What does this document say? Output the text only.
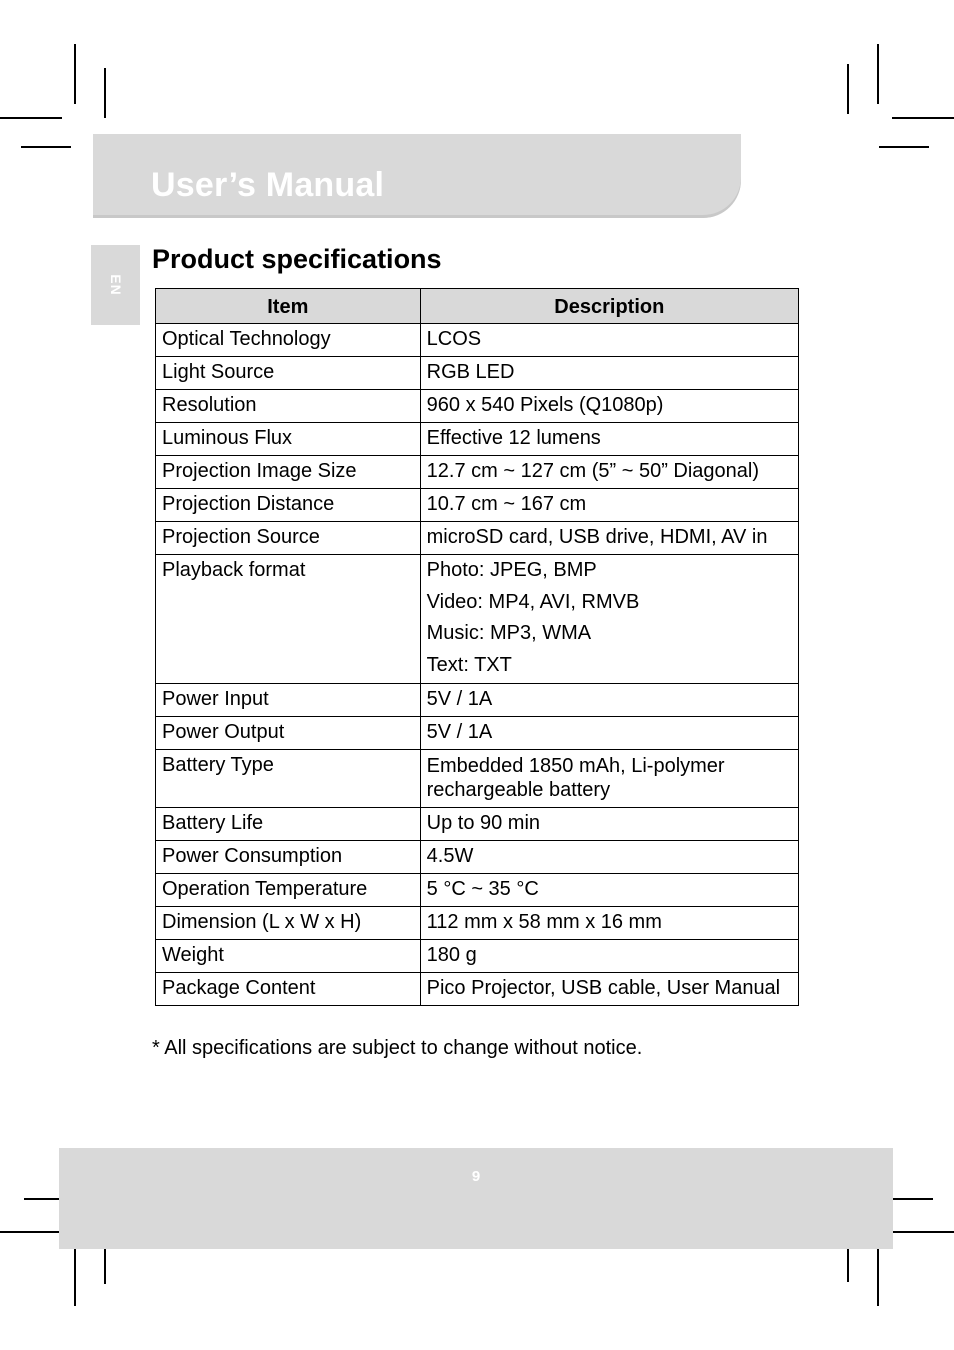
User’s Manual
EN
Product specifications
Item	Description
Optical Technology	LCOS

Light Source	RGB LED

Resolution	960 x 540 Pixels (Q1080p)

Luminous Flux	Effective 12 lumens

Projection Image Size	12.7 cm ~ 127 cm (5” ~ 50” Diagonal)

Projection Distance	10.7 cm ~ 167 cm

Projection Source	microSD card, USB drive, HDMI, AV in

Playback format	Photo: JPEG, BMP
Video: MP4, AVI, RMVB
Music: MP3, WMA
Text: TXT

Power Input	5V / 1A

Power Output	5V / 1A

Battery Type	Embedded 1850 mAh, Li-polymer rechargeable battery

Battery Life	Up to 90 min

Power Consumption	4.5W

Operation Temperature	5 °C ~ 35 °C

Dimension (L x W x H)	112 mm x 58 mm x 16 mm

Weight	180 g

Package Content	Pico Projector, USB cable, User Manual
* All specifications are subject to change without notice.
9
